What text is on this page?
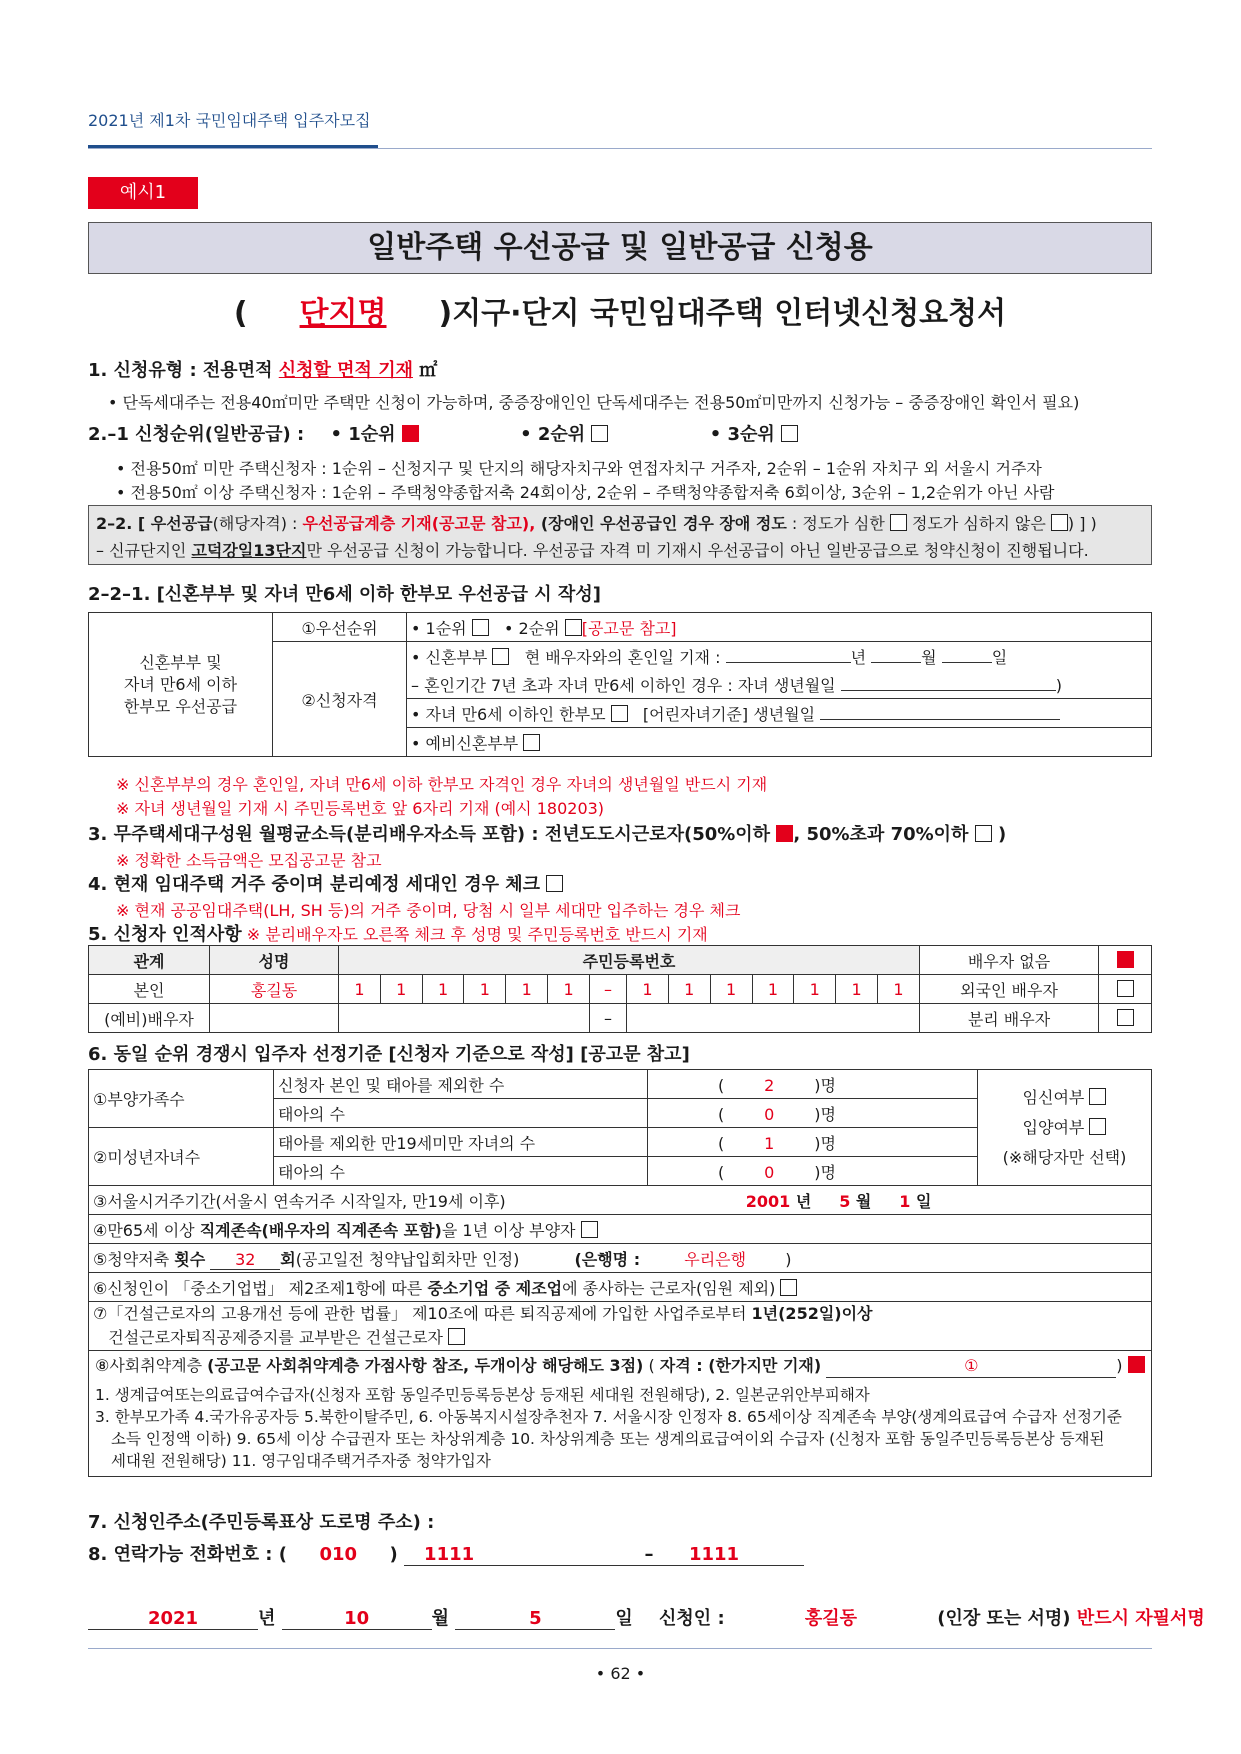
2021년 제1차 국민임대주택 입주자모집
예시1
일반주택 우선공급 및 일반공급 신청용
( 단지명 )지구·단지 국민임대주택 인터넷신청요청서
1. 신청유형 : 전용면적 신청할 면적 기재 ㎡
• 단독세대주는 전용40㎡미만 주택만 신청이 가능하며, 중증장애인인 단독세대주는 전용50㎡미만까지 신청가능 – 중증장애인 확인서 필요)
2.–1 신청순위(일반공급) : • 1순위	• 2순위	• 3순위
• 전용50㎡ 미만 주택신청자 : 1순위 – 신청지구 및 단지의 해당자치구와 연접자치구 거주자, 2순위 – 1순위 자치구 외 서울시 거주자
• 전용50㎡ 이상 주택신청자 : 1순위 – 주택청약종합저축 24회이상, 2순위 – 주택청약종합저축 6회이상, 3순위 – 1,2순위가 아닌 사람
2–2. [ 우선공급(해당자격) : 우선공급계층 기재(공고문 참고), (장애인 우선공급인 경우 장애 정도 : 정도가 심한  정도가 심하지 않은 ) ] )
– 신규단지인 고덕강일13단지만 우선공급 신청이 가능합니다. 우선공급 자격 미 기재시 우선공급이 아닌 일반공급으로 청약신청이 진행됩니다.
2–2–1. [신혼부부 및 자녀 만6세 이하 한부모 우선공급 시 작성]
신혼부부 및
자녀 만6세 이하
한부모 우선공급	①우선순위	• 1순위 • 2순위 [공고문 참고]
	②신청자격	• 신혼부부 현 배우자와의 혼인일 기재 : 년 월 일
		– 혼인기간 7년 초과 자녀 만6세 이하인 경우 : 자녀 생년월일 )
		• 자녀 만6세 이하인 한부모 [어린자녀기준] 생년월일
		• 예비신혼부부
※ 신혼부부의 경우 혼인일, 자녀 만6세 이하 한부모 자격인 경우 자녀의 생년월일 반드시 기재
※ 자녀 생년월일 기재 시 주민등록번호 앞 6자리 기재 (예시 180203)
3. 무주택세대구성원 월평균소득(분리배우자소득 포함) : 전년도도시근로자(50%이하 , 50%초과 70%이하 )
※ 정확한 소득금액은 모집공고문 참고
4. 현재 임대주택 거주 중이며 분리예정 세대인 경우 체크
※ 현재 공공임대주택(LH, SH 등)의 거주 중이며, 당첨 시 일부 세대만 입주하는 경우 체크
5. 신청자 인적사항 ※ 분리배우자도 오른쪽 체크 후 성명 및 주민등록번호 반드시 기재
관계	성명	주민등록번호														배우자 없음	
본인	홍길동	1	1	1	1	1	1	–	1	1	1	1	1	1	1	외국인 배우자	
(예비)배우자								–								분리 배우자	
6. 동일 순위 경쟁시 입주자 선정기준 [신청자 기준으로 작성] [공고문 참고]
①부양가족수	신청자 본인 및 태아를 제외한 수	( 2 )명	임신여부
입양여부
(※해당자만 선택)
	태아의 수	( 0 )명	
②미성년자녀수	태아를 제외한 만19세미만 자녀의 수	( 1 )명	
	태아의 수	( 0 )명	
③서울시거주기간(서울시 연속거주 시작일자, 만19세 이후) 2001 년 5 월 1 일			
④만65세 이상 직계존속(배우자의 직계존속 포함)을 1년 이상 부양자			
⑤청약저축 횟수 32 회(공고일전 청약납입회차만 인정) (은행명 : 우리은행 )			
⑥신청인이 「중소기업법」 제2조제1항에 따른 중소기업 중 제조업에 종사하는 근로자(임원 제외)			
⑦「건설근로자의 고용개선 등에 관한 법률」 제10조에 따른 퇴직공제에 가입한 사업주로부터 1년(252일)이상
건설근로자퇴직공제증지를 교부받은 건설근로자			

⑧사회취약계층 (공고문 사회취약계층 가점사항 참조, 두개이상 해당해도 3점) ( 자격 : (한가지만 기재) ① )
1. 생계급여또는의료급여수급자(신청자 포함 동일주민등록등본상 등재된 세대원 전원해당), 2. 일본군위안부피해자
3. 한부모가족 4.국가유공자등 5.북한이탈주민, 6. 아동복지시설장추천자 7. 서울시장 인정자 8. 65세이상 직계존속 부양(생계의료급여 수급자 선정기준
소득 인정액 이하) 9. 65세 이상 수급권자 또는 차상위계층 10. 차상위계층 또는 생계의료급여이외 수급자 (신청자 포함 동일주민등록등본상 등재된
세대원 전원해당) 11. 영구임대주택거주자중 청약가입자			
7. 신청인주소(주민등록표상 도로명 주소) :
8. 연락가능 전화번호 : ( 010 ) 1111	– 1111
2021	년	10	월	5	일 신청인 :	홍길동	(인장 또는 서명) 반드시 자필서명
• 62 •
